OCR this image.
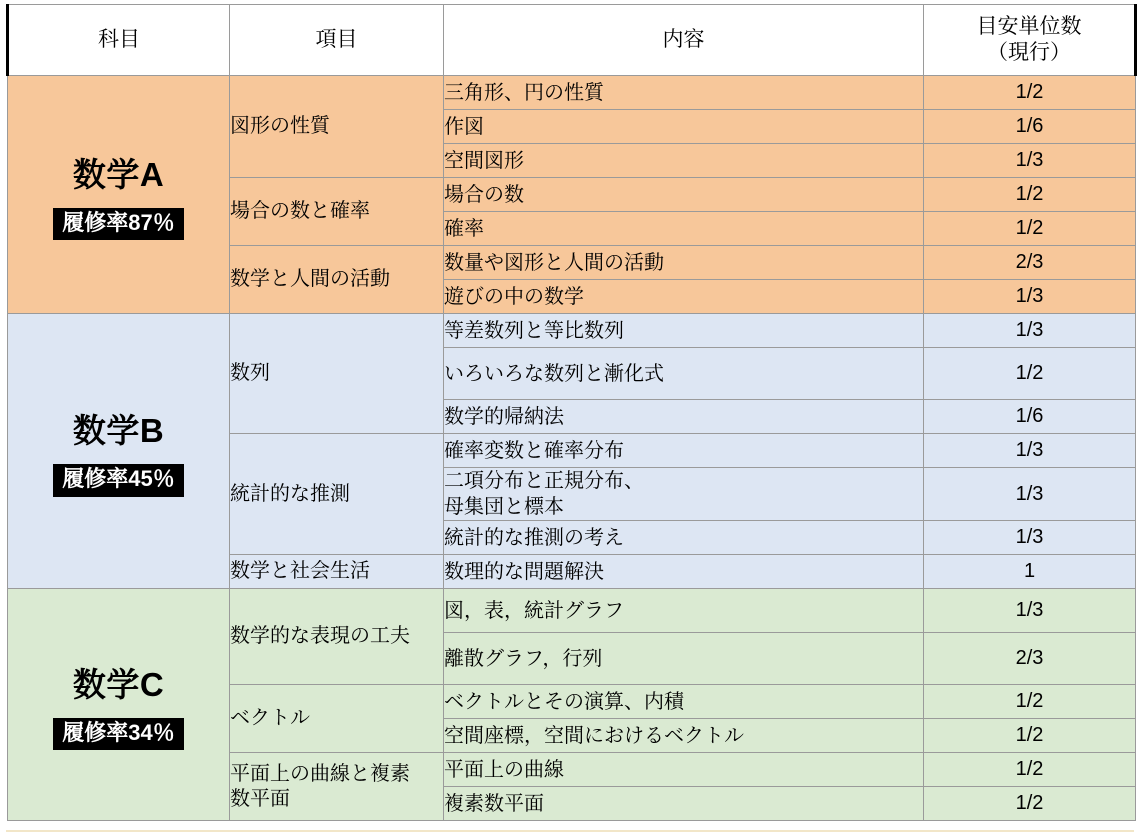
科目	項目	内容	目安単位数
（現行）

数学A
履修率87％	図形の性質	三角形、円の性質	1/2
		作図	1/6
		空間図形	1/3
	場合の数と確率	場合の数	1/2
		確率	1/2
	数学と人間の活動	数量や図形と人間の活動	2/3
		遊びの中の数学	1/3

数学B
履修率45％	数列	等差数列と等比数列	1/3
		いろいろな数列と漸化式	1/2
		数学的帰納法	1/6
	統計的な推測	確率変数と確率分布	1/3
		二項分布と正規分布、
母集団と標本	1/3
		統計的な推測の考え	1/3
	数学と社会生活	数理的な問題解決	1

数学C
履修率34％	数学的な表現の工夫	図，表，統計グラフ	1/3
		離散グラフ，行列	2/3
	ベクトル	ベクトルとその演算、内積	1/2
		空間座標，空間におけるベクトル	1/2
	平面上の曲線と複素
数平面	平面上の曲線	1/2
		複素数平面	1/2
